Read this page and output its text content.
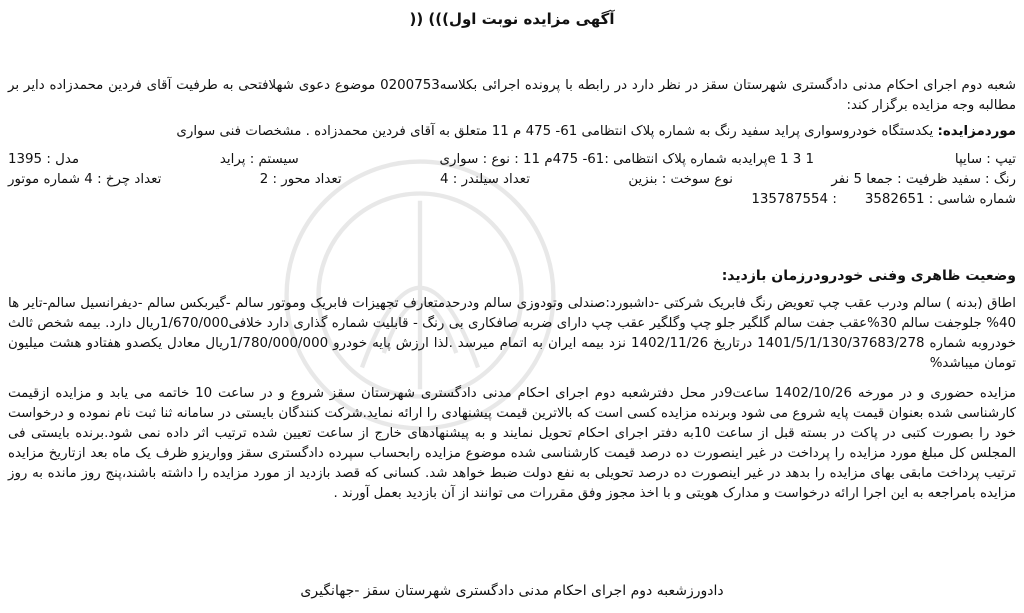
آگهی مزایده نوبت اول))) ((
شعبه دوم اجرای احکام مدنی دادگستری شهرستان سقز در نظر دارد در رابطه با پرونده اجرائی بکلاسه0200753 موضوع دعوی شهلافتحی به طرفیت آقای فردین محمدزاده دایر بر مطالبه وجه مزایده برگزار کند:
موردمزایده: یکدستگاه خودروسواری پراید سفید رنگ به شماره پلاک انتظامی 61- 475 م 11 متعلق به آقای فردین محمدزاده . مشخصات فنی سواری
تیپ : سایپا
e 1 3 1پرایدبه شماره پلاک انتظامی :61- 475م 11 : نوع : سواری
سیستم : پراید
مدل : 1395
رنگ : سفید ظرفیت : جمعا 5 نفر
نوع سوخت : بنزین
تعداد سیلندر : 4
تعداد محور : 2
تعداد چرخ : 4 شماره موتور
شماره شاسی : 3582651
: 135787554
وضعیت ظاهری وفنی خودرودرزمان بازدید:
اطاق (بدنه ) سالم ودرب عقب چپ تعویض رنگ فابریک شرکتی -داشبورد:صندلی وتودوزی سالم ودرحدمتعارف تجهیزات فابریک وموتور سالم -گیربکس سالم -دیفرانسیل سالم-تایر ها 40% جلوجفت سالم 30%عقب جفت سالم گلگیر جلو چپ وگلگیر عقب چپ دارای ضربه صافکاری بی رنگ - قابلیت شماره گذاری دارد خلافی1/670/000ریال دارد. بیمه شخص ثالث خودروبه شماره 1401/5/1/130/37683/278 درتاریخ 1402/11/26 نزد بیمه ایران به اتمام میرسد .لذا ارزش پایه خودرو 1/780/000/000ریال معادل یکصدو هفتادو هشت میلیون تومان میباشد%
مزایده حضوری و در مورخه 1402/10/26 ساعت9در محل دفترشعبه دوم اجرای احکام مدنی دادگستری شهرستان سقز شروع و در ساعت 10 خاتمه می یابد و مزایده ازقیمت کارشناسی شده بعنوان قیمت پایه شروع می شود وبرنده مزایده کسی است که بالاترین قیمت پیشنهادی را ارائه نماید.شرکت کنندگان بایستی در سامانه ثنا ثبت نام نموده و درخواست خود را بصورت کتبی در پاکت در بسته قبل از ساعت 10به دفتر اجرای احکام تحویل نمایند و به پیشنهادهای خارج از ساعت تعیین شده ترتیب اثر داده نمی شود.برنده بایستی فی المجلس کل مبلغ مورد مزایده را پرداخت در غیر اینصورت ده درصد قیمت کارشناسی شده موضوع مزایده رابحساب سپرده دادگستری سقز وواریزو ظرف یک ماه بعد ازتاریخ مزایده ترتیب پرداخت مابقی بهای مزایده را بدهد در غیر اینصورت ده درصد تحویلی به نفع دولت ضبط خواهد شد. کسانی که قصد بازدید از مورد مزایده را داشته باشند،پنج روز مانده به روز مزایده بامراجعه به این اجرا ارائه درخواست و مدارک هویتی و با اخذ مجوز وفق مقررات می توانند از آن بازدید بعمل آورند .
دادورزشعبه دوم اجرای احکام مدنی دادگستری شهرستان سقز -جهانگیری
